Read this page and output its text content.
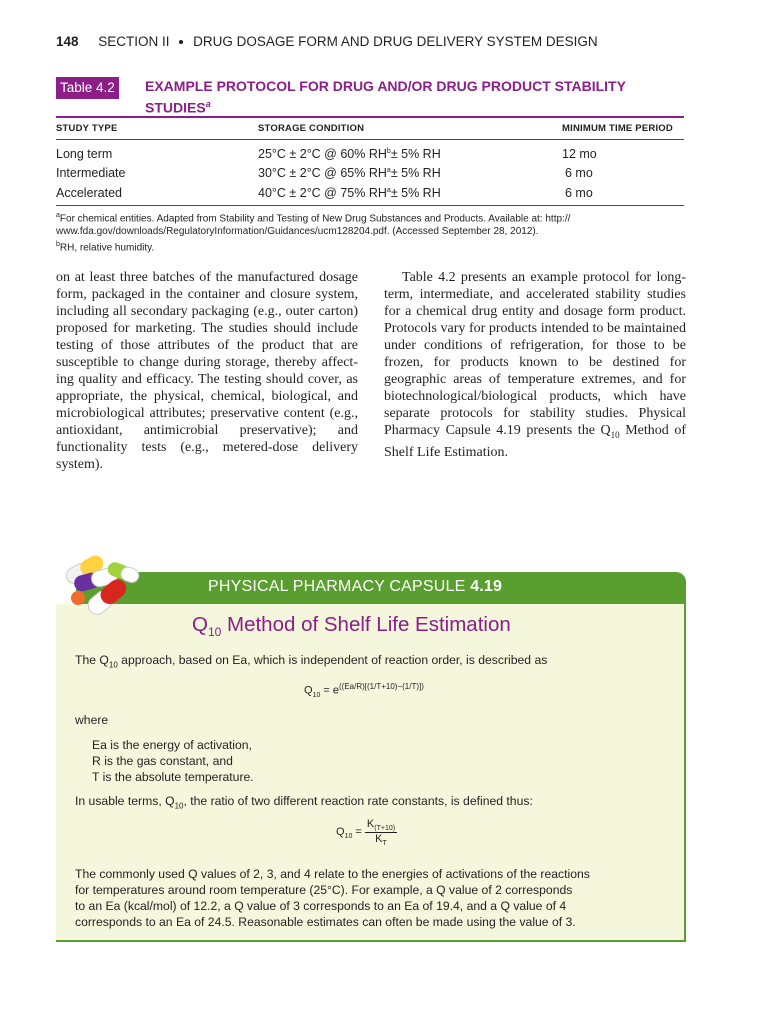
148 SECTION II DRUG DOSAGE FORM AND DRUG DELIVERY SYSTEM DESIGN
Table 4.2 EXAMPLE PROTOCOL FOR DRUG AND/OR DRUG PRODUCT STABILITY
STUDIES$^a$
STUDY TYPE	STORAGE CONDITION	MINIMUM TIME PERIOD
Long term	25°C ± 2°C @ 60% $RH^b\pm 5\%$ RH	12 mo
Intermediate	30°C ± 2°C @ 65% $RH^a\pm 5\%$ RH	6 mo
Accelerated	40°C ± 2°C @ 75% $RH^a\pm 5\%$ RH	6 mo

$^a$For chemical entities. Adapted from Stability and Testing of New Drug Substances and Products. Available at: http://
www.fda.gov/downloads/RegulatoryInformation/Guidances/ucm128204.pdf. (Accessed September 28, 2012).

$^b$RH, relative humidity.

on at least three batches of the manufactured dosage form, packaged in the container and closure system, including all secondary packaging (e.g., outer carton) proposed for marketing. The studies should include testing of those attributes of the product that are susceptible to change during storage, thereby affecting quality and efficacy. The testing should cover, as appropriate, the physical, chemical, biological, and microbiological attributes; preservative content (e.g., antioxidant, antimicrobial preservative); and functionality tests (e.g., metered-dose delivery system).

Table 4.2 presents an example protocol for long-term, intermediate, and accelerated stability studies for a chemical drug entity and dosage form product. Protocols vary for products intended to be maintained under conditions of refrigeration, for those to be frozen, for products known to be destined for geographic areas of temperature extremes, and for biotechnological/biological products, which have separate protocols for stability studies. Physical Pharmacy Capsule 4.19 presents the $Q_{10}$ Method of Shelf Life Estimation.

PHYSICAL PHARMACY CAPSULE 4.19
$Q_{10}$ Method of Shelf Life Estimation
The $Q_{10}$ approach, based on Ea, which is independent of reaction order, is described as
$Q_{10} = e^{((Ea/R)[(1/T+10)-(1/T)])}$
where
Ea is the energy of activation,
R is the gas constant, and
T is the absolute temperature.
In usable terms, $Q_{10}$, the ratio of two different reaction rate constants, is defined thus:
$Q_{10} = \frac{K_{(T+10)}}{K_T}$
The commonly used Q values of 2, 3, and 4 relate to the energies of activations of the reactions
for temperatures around room temperature (25°C). For example, a Q value of 2 corresponds
to an Ea (kcal/mol) of 12.2, a Q value of 3 corresponds to an Ea of 19.4, and a Q value of 4
corresponds to an Ea of 24.5. Reasonable estimates can often be made using the value of 3.
